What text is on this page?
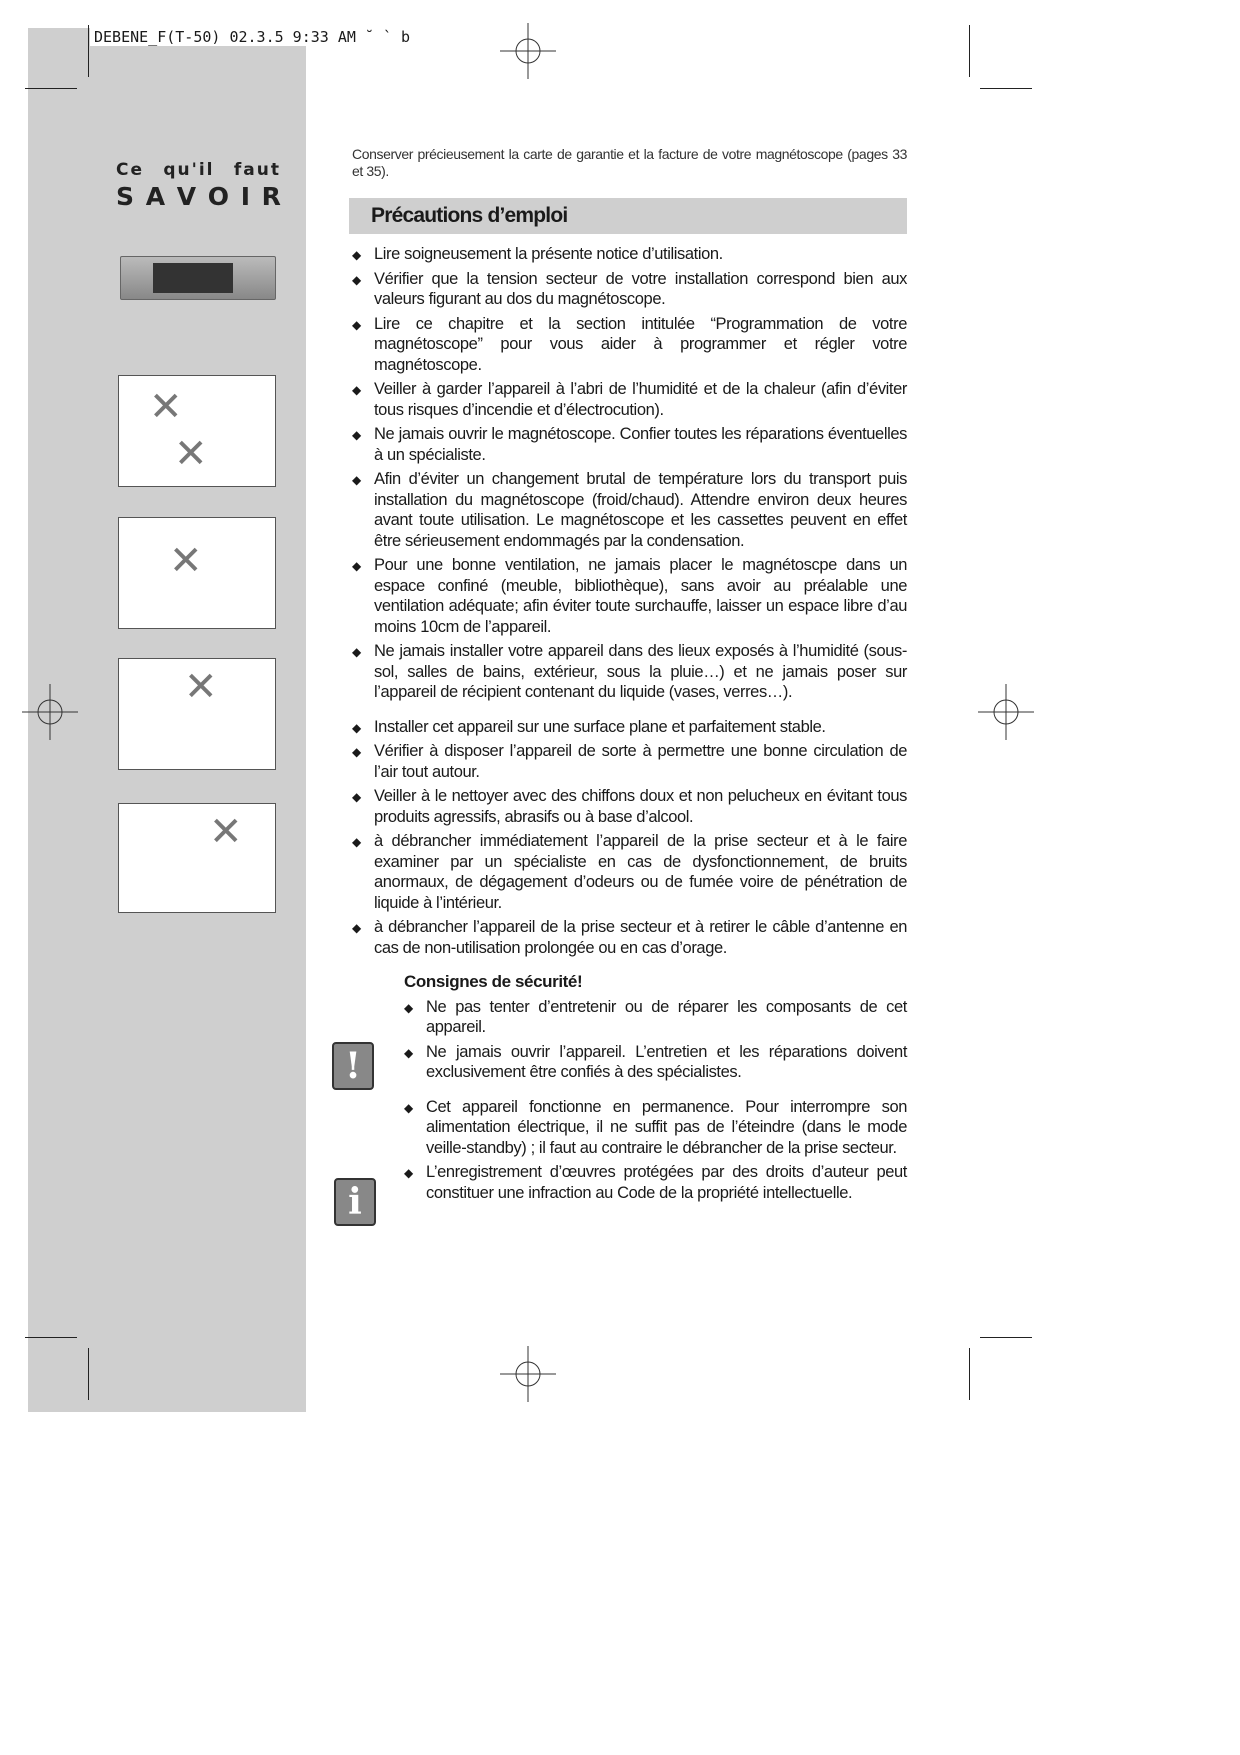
DEBENE_F(T-50) 02.3.5 9:33 AM ˘ ` b
Ce qu'il faut
S A V O I R
✕
✕
✕
✕
✕
!
i

Conserver précieusement la carte de garantie et la facture de votre magnétoscope (pages 33 et 35).

Précautions d’emploi
◆ Lire soigneusement la présente notice d’utilisation.
◆ Vérifier que la tension secteur de votre installation correspond bien aux valeurs figurant au dos du magnétoscope.
◆ Lire ce chapitre et la section intitulée “Programmation de votre magnétoscope” pour vous aider à programmer et régler votre magnétoscope.
◆ Veiller à garder l’appareil à l’abri de l’humidité et de la chaleur (afin d’éviter tous risques d’incendie et d’électrocution).
◆ Ne jamais ouvrir le magnétoscope. Confier toutes les réparations éventuelles à un spécialiste.
◆ Afin d’éviter un changement brutal de température lors du transport puis installation du magnétoscope (froid/chaud). Attendre environ deux heures avant toute utilisation. Le magnétoscope et les cassettes peuvent en effet être sérieusement endommagés par la condensation.
◆ Pour une bonne ventilation, ne jamais placer le magnétoscpe dans un espace confiné (meuble, bibliothèque), sans avoir au préalable une ventilation adéquate; afin éviter toute surchauffe, laisser un espace libre d’au moins 10cm de l’appareil.
◆ Ne jamais installer votre appareil dans des lieux exposés à l’humidité (sous-sol, salles de bains, extérieur, sous la pluie…) et ne jamais poser sur l’appareil de récipient contenant du liquide (vases, verres…).
◆ Installer cet appareil sur une surface plane et parfaitement stable.
◆ Vérifier à disposer l’appareil de sorte à permettre une bonne circulation de l’air tout autour.
◆ Veiller à le nettoyer avec des chiffons doux et non pelucheux en évitant tous produits agressifs, abrasifs ou à base d’alcool.
◆ à débrancher immédiatement l’appareil de la prise secteur et à le faire examiner par un spécialiste en cas de dysfonctionnement, de bruits anormaux, de dégagement d’odeurs ou de fumée voire de pénétration de liquide à l’intérieur.
◆ à débrancher l’appareil de la prise secteur et à retirer le câble d’antenne en cas de non-utilisation prolongée ou en cas d’orage.
Consignes de sécurité!
◆ Ne pas tenter d’entretenir ou de réparer les composants de cet appareil.
◆ Ne jamais ouvrir l’appareil. L’entretien et les réparations doivent exclusivement être confiés à des spécialistes.
◆ Cet appareil fonctionne en permanence. Pour interrompre son alimentation électrique, il ne suffit pas de l’éteindre (dans le mode veille-standby) ; il faut au contraire le débrancher de la prise secteur.
◆ L’enregistrement d’œuvres protégées par des droits d’auteur peut constituer une infraction au Code de la propriété intellectuelle.
